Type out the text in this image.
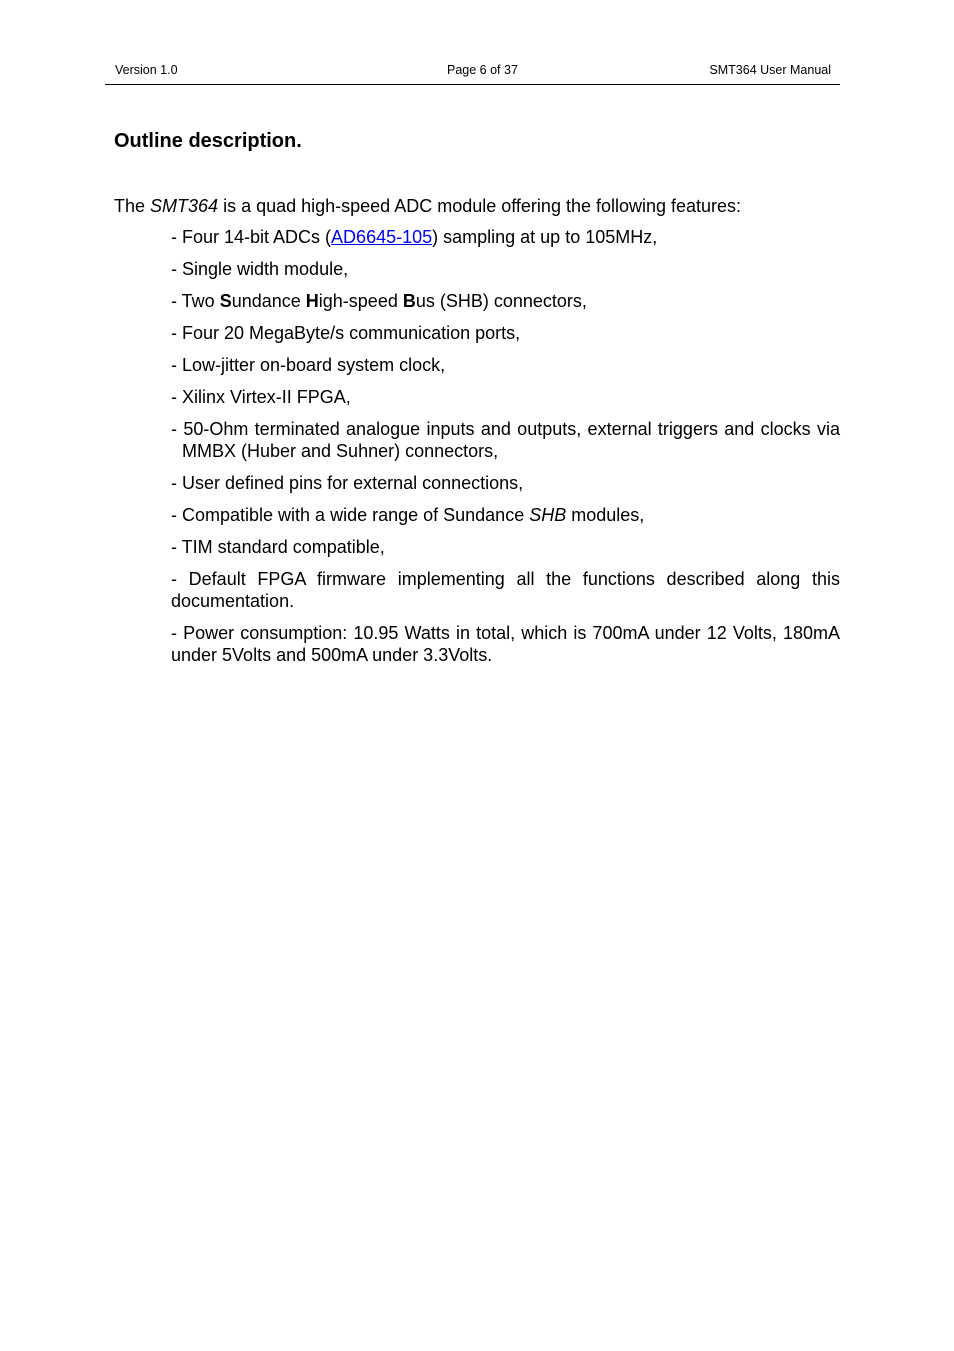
Version 1.0	Page 6 of 37	SMT364 User Manual
Outline description.
The SMT364 is a quad high-speed ADC module offering the following features:
- Four 14-bit ADCs (AD6645-105) sampling at up to 105MHz,
- Single width module,
- Two Sundance High-speed Bus (SHB) connectors,
- Four 20 MegaByte/s communication ports,
- Low-jitter on-board system clock,
- Xilinx Virtex-II FPGA,
- 50-Ohm terminated analogue inputs and outputs, external triggers and clocks via MMBX (Huber and Suhner) connectors,
- User defined pins for external connections,
- Compatible with a wide range of Sundance SHB modules,
- TIM standard compatible,
- Default FPGA firmware implementing all the functions described along this documentation.
- Power consumption: 10.95 Watts in total, which is 700mA under 12 Volts, 180mA under 5Volts and 500mA under 3.3Volts.
